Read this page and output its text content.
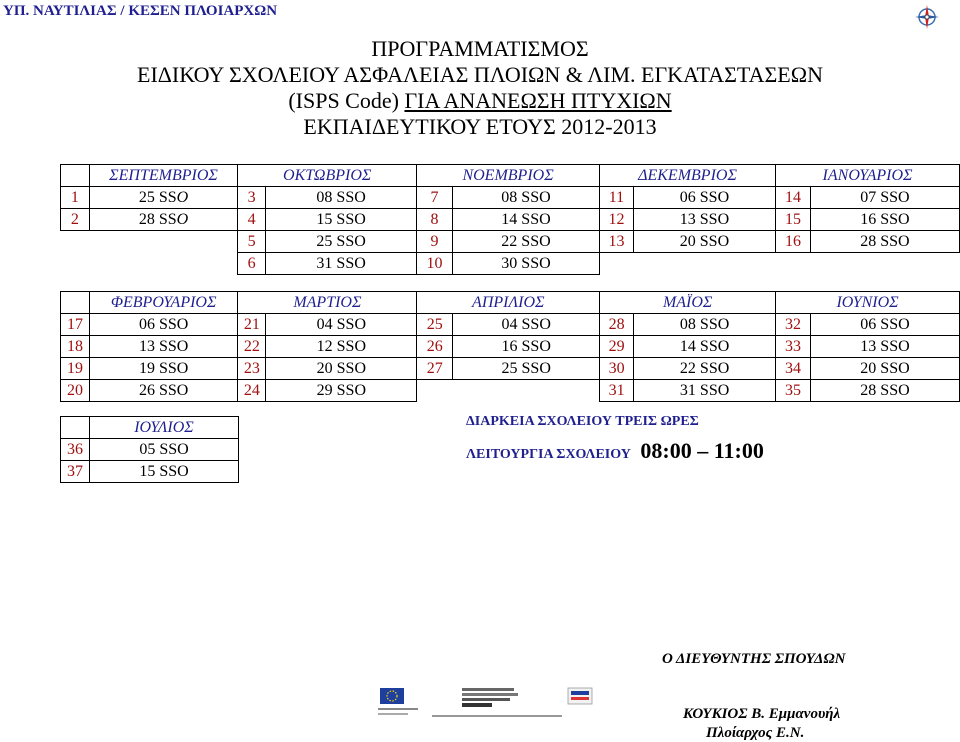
ΥΠ. ΝΑΥΤΙΛΙΑΣ / ΚΕΣΕΝ ΠΛΟΙΑΡΧΩΝ
ΠΡΟΓΡΑΜΜΑΤΙΣΜΟΣ
ΕΙΔΙΚΟΥ ΣΧΟΛΕΙΟΥ ΑΣΦΑΛΕΙΑΣ ΠΛΟΙΩΝ & ΛΙΜ. ΕΓΚΑΤΑΣΤΑΣΕΩΝ
(ISPS Code) ΓΙΑ ΑΝΑΝΕΩΣΗ ΠΤΥΧΙΩΝ
ΕΚΠΑΙΔΕΥΤΙΚΟΥ ΕΤΟΥΣ 2012-2013
	ΣΕΠΤΕΜΒΡΙΟΣ	ΟΚΤΩΒΡΙΟΣ		ΝΟΕΜΒΡΙΟΣ		ΔΕΚΕΜΒΡΙΟΣ		ΙΑΝΟΥΑΡΙΟΣ	
1	25 SSO	3	08 SSO	7	08 SSO	11	06 SSO	14	07 SSO
2	28 SSO	4	15 SSO	8	14 SSO	12	13 SSO	15	16 SSO
		5	25 SSO	9	22 SSO	13	20 SSO	16	28 SSO
		6	31 SSO	10	30 SSO				
	ΦΕΒΡΟΥΑΡΙΟΣ	ΜΑΡΤΙΟΣ		ΑΠΡΙΛΙΟΣ		ΜΑΪΟΣ		ΙΟΥΝΙΟΣ	
17	06 SSO	21	04 SSO	25	04 SSO	28	08 SSO	32	06 SSO
18	13 SSO	22	12 SSO	26	16 SSO	29	14 SSO	33	13 SSO
19	19 SSO	23	20 SSO	27	25 SSO	30	22 SSO	34	20 SSO
20	26 SSO	24	29 SSO			31	31 SSO	35	28 SSO
	ΙΟΥΛΙΟΣ
36	05 SSO
37	15 SSO
ΔΙΑΡΚΕΙΑ ΣΧΟΛΕΙΟΥ ΤΡΕΙΣ ΩΡΕΣ
ΛΕΙΤΟΥΡΓΙΑ ΣΧΟΛΕΙΟΥ 08:00 – 11:00
Ο ΔΙΕΥΘΥΝΤΗΣ ΣΠΟΥΔΩΝ
ΚΟΥΚΙΟΣ Β. Εμμανουήλ
Πλοίαρχος Ε.Ν.
